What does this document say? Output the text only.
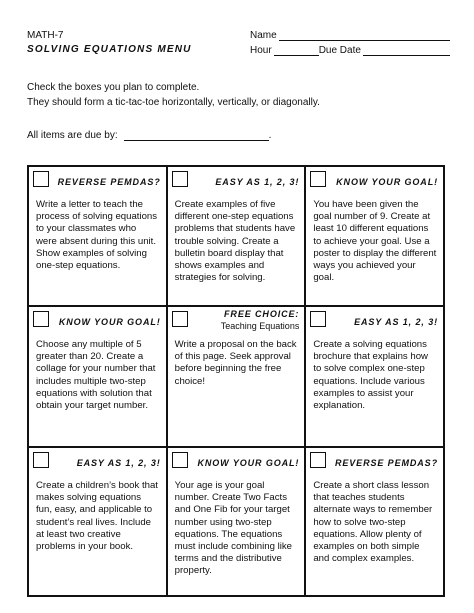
MATH-7
SOLVING EQUATIONS MENU
Name
Hour	Due Date
Check the boxes you plan to complete.
They should form a tic-tac-toe horizontally, vertically, or diagonally.
All items are due by:	.
REVERSE PEMDAS?
Write a letter to teach the process of solving equations to your classmates who were absent during this unit. Show examples of solving one-step equations.
EASY AS 1, 2, 3!
Create examples of five different one-step equations problems that students have trouble solving. Create a bulletin board display that shows examples and strategies for solving.
KNOW YOUR GOAL!
You have been given the goal number of 9. Create at least 10 different equations to achieve your goal. Use a poster to display the different ways you achieved your goal.
KNOW YOUR GOAL!
Choose any multiple of 5 greater than 20. Create a collage for your number that includes multiple two-step equations with solution that obtain your target number.
FREE CHOICE:
Teaching Equations
Write a proposal on the back of this page. Seek approval before beginning the free choice!
EASY AS 1, 2, 3!
Create a solving equations brochure that explains how to solve complex one-step equations. Include various examples to assist your explanation.
EASY AS 1, 2, 3!
Create a children’s book that makes solving equations fun, easy, and applicable to student’s real lives. Include at least two creative problems in your book.
KNOW YOUR GOAL!
Your age is your goal number. Create Two Facts and One Fib for your target number using two-step equations. The equations must include combining like terms and the distributive property.
REVERSE PEMDAS?
Create a short class lesson that teaches students alternate ways to remember how to solve two-step equations. Allow plenty of examples on both simple and complex examples.
